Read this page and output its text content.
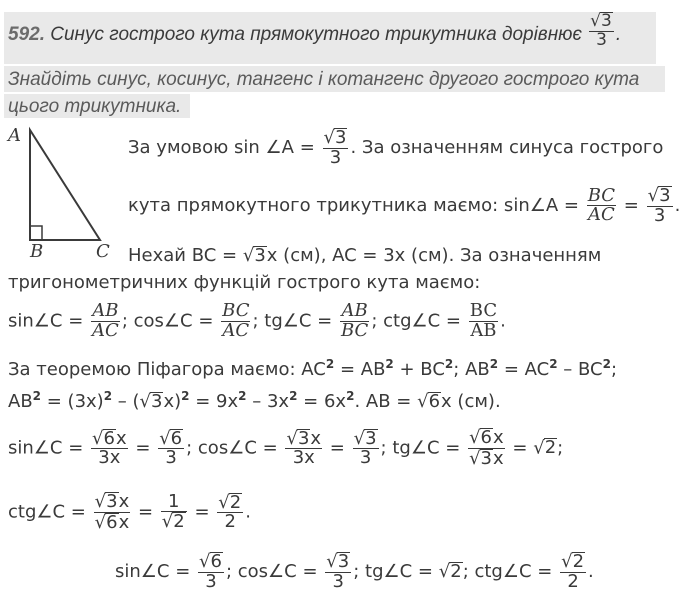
592. Синус гострого кута прямокутного трикутника дорівнює $\frac{√3}{3}$ .
Знайдіть синус, косинус, тангенс і котангенс другого гострого кута
цього трикутника.
A
B	C
За умовою sin ∠A = $\frac{√3}{3}$ . За означенням синуса гострого
кута прямокутного трикутника маємо: sin∠A = $\frac{BC}{AC} = \frac{√3}{3}$ .
Нехай BC = √3x (см), AC = 3x (см). За означенням
тригонометричних функцій гострого кута маємо:
sin∠C = $\frac{AB}{AC}$ ; cos∠C = $\frac{BC}{AC}$ ; tg∠C = $\frac{AB}{BC}$ ; ctg∠C = $\frac{BC}{AB}$ .
За теоремою Піфагора маємо: $AC^2 = AB^2 + BC^2$; $AB^2 = AC^2 - BC^2$;
$AB^2 = (3x)^2 - (√3x)^2 = 9x^2 - 3x^2 = 6x^2$. AB = √6x (см).
sin∠C = $\frac{√6x}{3x} = \frac{√6}{3}$ ; cos∠C = $\frac{√3x}{3x} = \frac{√3}{3}$ ; tg∠C = $\frac{√6x}{√3x} = √2$;
ctg∠C = $\frac{√3x}{√6x} = \frac{1}{√2} = \frac{√2}{2}$ .
sin∠C = $\frac{√6}{3}$ ; cos∠C = $\frac{√3}{3}$ ; tg∠C = √2; ctg∠C = $\frac{√2}{2}$ .
